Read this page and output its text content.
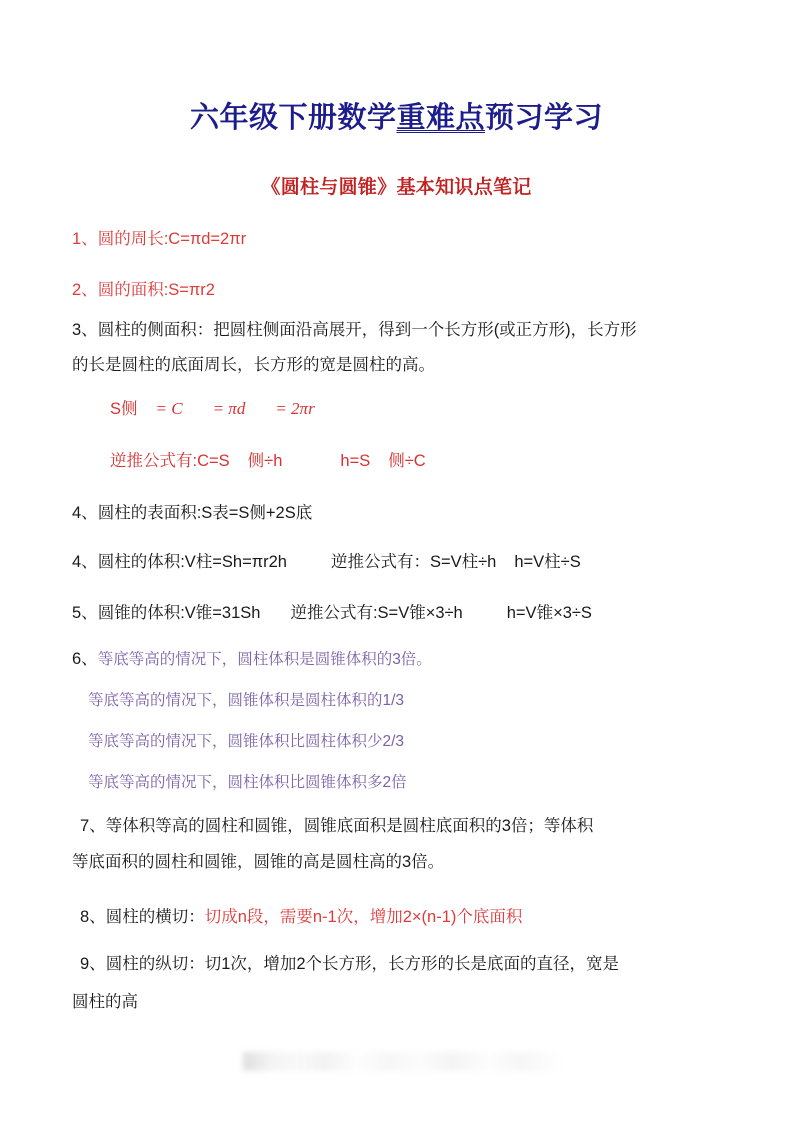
六年级下册数学重难点预习学习
《圆柱与圆锥》基本知识点笔记
1、圆的周长:C=πd=2πr
2、圆的面积:S=πr2
3、圆柱的侧面积：把圆柱侧面沿高展开，得到一个长方形(或正方形)，长方形
的长是圆柱的底面周长，长方形的宽是圆柱的高。
S侧 = C = πd = 2πr
逆推公式有:C=S 侧÷h	h=S 侧÷C
4、圆柱的表面积:S表=S侧+2S底
4、圆柱的体积:V柱=Sh=πr2h	逆推公式有：S=V柱÷h h=V柱÷S
5、圆锥的体积:V锥=31Sh 逆推公式有:S=V锥×3÷h	h=V锥×3÷S
6、等底等高的情况下，圆柱体积是圆锥体积的3倍。
等底等高的情况下，圆锥体积是圆柱体积的1/3
等底等高的情况下，圆锥体积比圆柱体积少2/3
等底等高的情况下，圆柱体积比圆锥体积多2倍
7、等体积等高的圆柱和圆锥，圆锥底面积是圆柱底面积的3倍；等体积
等底面积的圆柱和圆锥，圆锥的高是圆柱高的3倍。
8、圆柱的横切：切成n段，需要n-1次，增加2×(n-1)个底面积
9、圆柱的纵切：切1次，增加2个长方形，长方形的长是底面的直径，宽是
圆柱的高
